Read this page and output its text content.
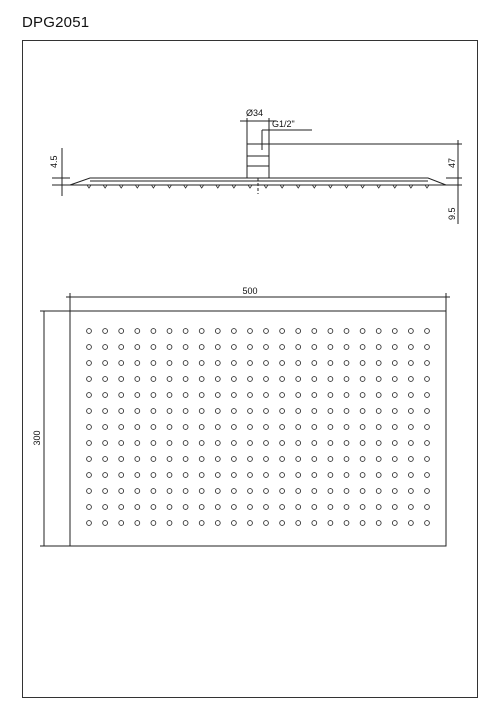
DPG2051
Ø34
G1/2"
4.5	47
9.5
500
300
